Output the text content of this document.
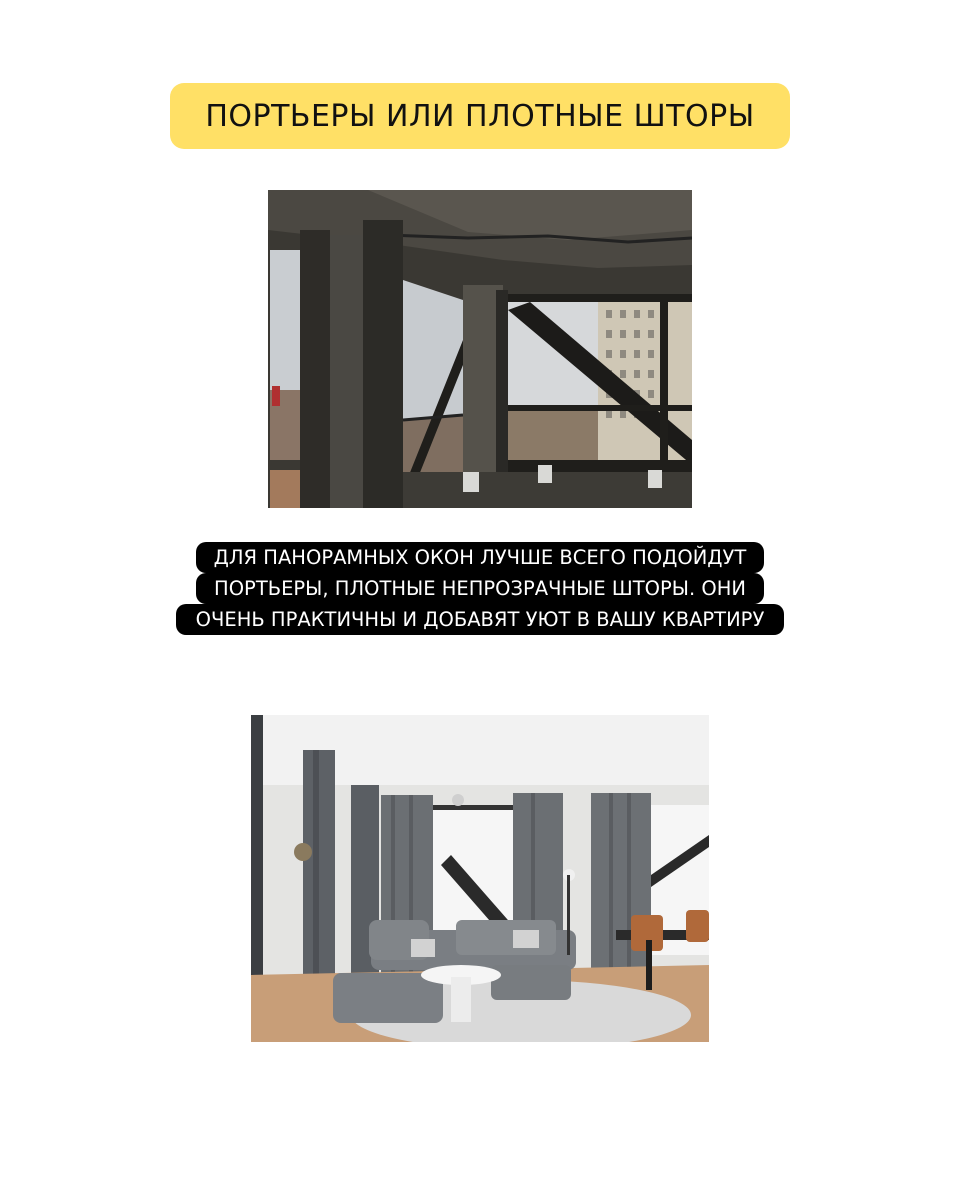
ПОРТЬЕРЫ ИЛИ ПЛОТНЫЕ ШТОРЫ
ДЛЯ ПАНОРАМНЫХ ОКОН ЛУЧШЕ ВСЕГО ПОДОЙДУТ
ПОРТЬЕРЫ, ПЛОТНЫЕ НЕПРОЗРАЧНЫЕ ШТОРЫ. ОНИ
ОЧЕНЬ ПРАКТИЧНЫ И ДОБАВЯТ УЮТ В ВАШУ КВАРТИРУ
